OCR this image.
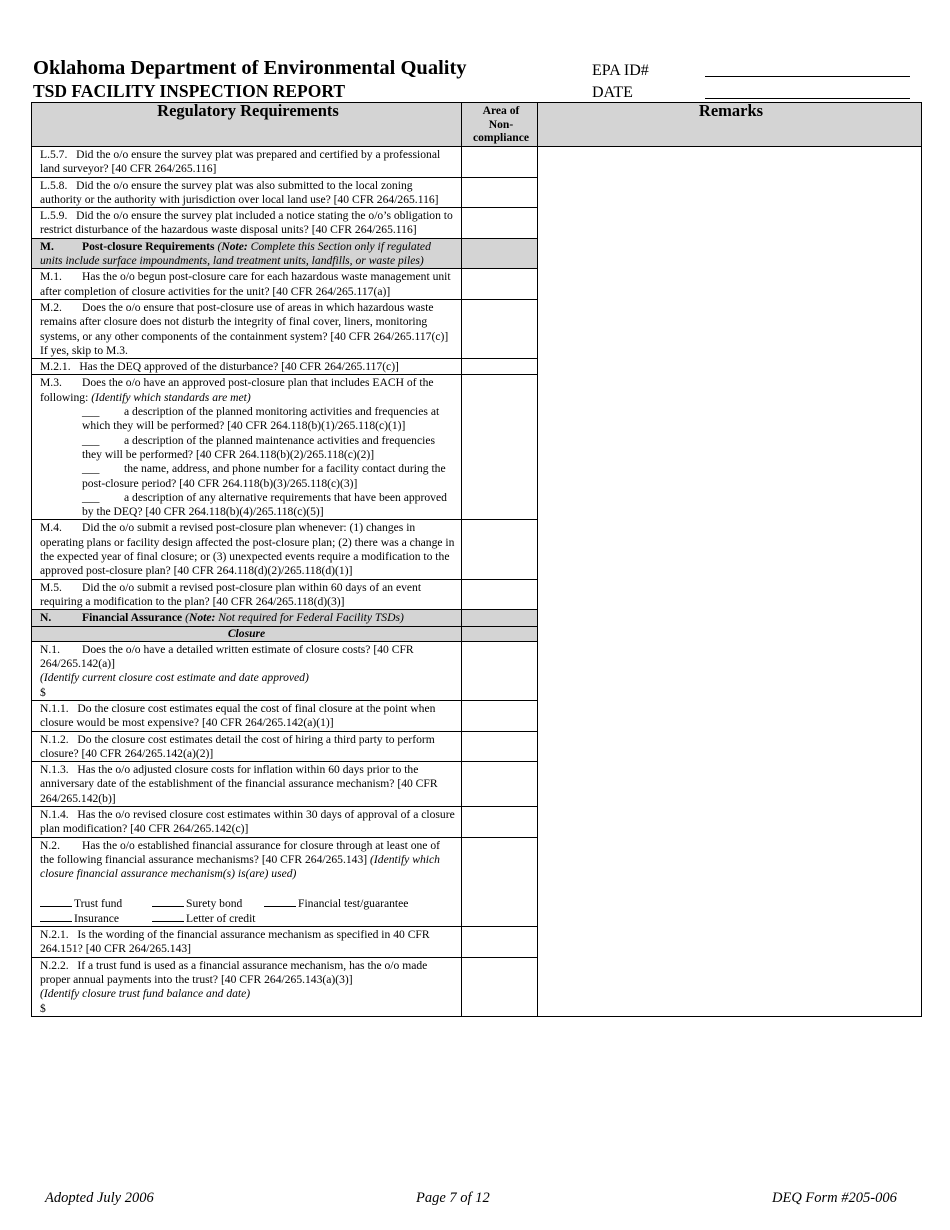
Oklahoma Department of Environmental Quality
TSD FACILITY INSPECTION REPORT
EPA ID#
DATE
Regulatory Requirements	Area of Non-compliance	Remarks
L.5.7. Did the o/o ensure the survey plat was prepared and certified by a professional land surveyor? [40 CFR 264/265.116]		
L.5.8. Did the o/o ensure the survey plat was also submitted to the local zoning authority or the authority with jurisdiction over local land use? [40 CFR 264/265.116]		
L.5.9. Did the o/o ensure the survey plat included a notice stating the o/o’s obligation to restrict disturbance of the hazardous waste disposal units? [40 CFR 264/265.116]		
M. Post-closure Requirements (Note: Complete this Section only if regulated units include surface impoundments, land treatment units, landfills, or waste piles)		
M.1. Has the o/o begun post-closure care for each hazardous waste management unit after completion of closure activities for the unit? [40 CFR 264/265.117(a)]		
M.2. Does the o/o ensure that post-closure use of areas in which hazardous waste remains after closure does not disturb the integrity of final cover, liners, monitoring systems, or any other components of the containment system? [40 CFR 264/265.117(c)] If yes, skip to M.3.		
M.2.1. Has the DEQ approved of the disturbance? [40 CFR 264/265.117(c)]		
M.3. Does the o/o have an approved post-closure plan that includes EACH of the following: (Identify which standards are met)
___ a description of the planned monitoring activities and frequencies at which they will be performed? [40 CFR 264.118(b)(1)/265.118(c)(1)]
___ a description of the planned maintenance activities and frequencies they will be performed? [40 CFR 264.118(b)(2)/265.118(c)(2)]
___ the name, address, and phone number for a facility contact during the post-closure period? [40 CFR 264.118(b)(3)/265.118(c)(3)]
___ a description of any alternative requirements that have been approved by the DEQ? [40 CFR 264.118(b)(4)/265.118(c)(5)]		

M.4. Did the o/o submit a revised post-closure plan whenever: (1) changes in operating plans or facility design affected the post-closure plan; (2) there was a change in the expected year of final closure; or (3) unexpected events require a modification to the approved post-closure plan? [40 CFR 264.118(d)(2)/265.118(d)(1)]		
M.5. Did the o/o submit a revised post-closure plan within 60 days of an event requiring a modification to the plan? [40 CFR 264/265.118(d)(3)]		
N. Financial Assurance (Note: Not required for Federal Facility TSDs)		
Closure		
N.1. Does the o/o have a detailed written estimate of closure costs? [40 CFR 264/265.142(a)]
(Identify current closure cost estimate and date approved)
$		

N.1.1. Do the closure cost estimates equal the cost of final closure at the point when closure would be most expensive? [40 CFR 264/265.142(a)(1)]		
N.1.2. Do the closure cost estimates detail the cost of hiring a third party to perform closure? [40 CFR 264/265.142(a)(2)]		
N.1.3. Has the o/o adjusted closure costs for inflation within 60 days prior to the anniversary date of the establishment of the financial assurance mechanism? [40 CFR 264/265.142(b)]		
N.1.4. Has the o/o revised closure cost estimates within 30 days of approval of a closure plan modification? [40 CFR 264/265.142(c)]		
N.2. Has the o/o established financial assurance for closure through at least one of the following financial assurance mechanisms? [40 CFR 264/265.143] (Identify which closure financial assurance mechanism(s) is(are) used)
Trust fund Surety bond Financial test/guarantee
Insurance Letter of credit		

N.2.1. Is the wording of the financial assurance mechanism as specified in 40 CFR 264.151? [40 CFR 264/265.143]		
N.2.2. If a trust fund is used as a financial assurance mechanism, has the o/o made proper annual payments into the trust? [40 CFR 264/265.143(a)(3)]
(Identify closure trust fund balance and date)
$		

Adopted July 2006	Page 7 of 12	DEQ Form #205-006
